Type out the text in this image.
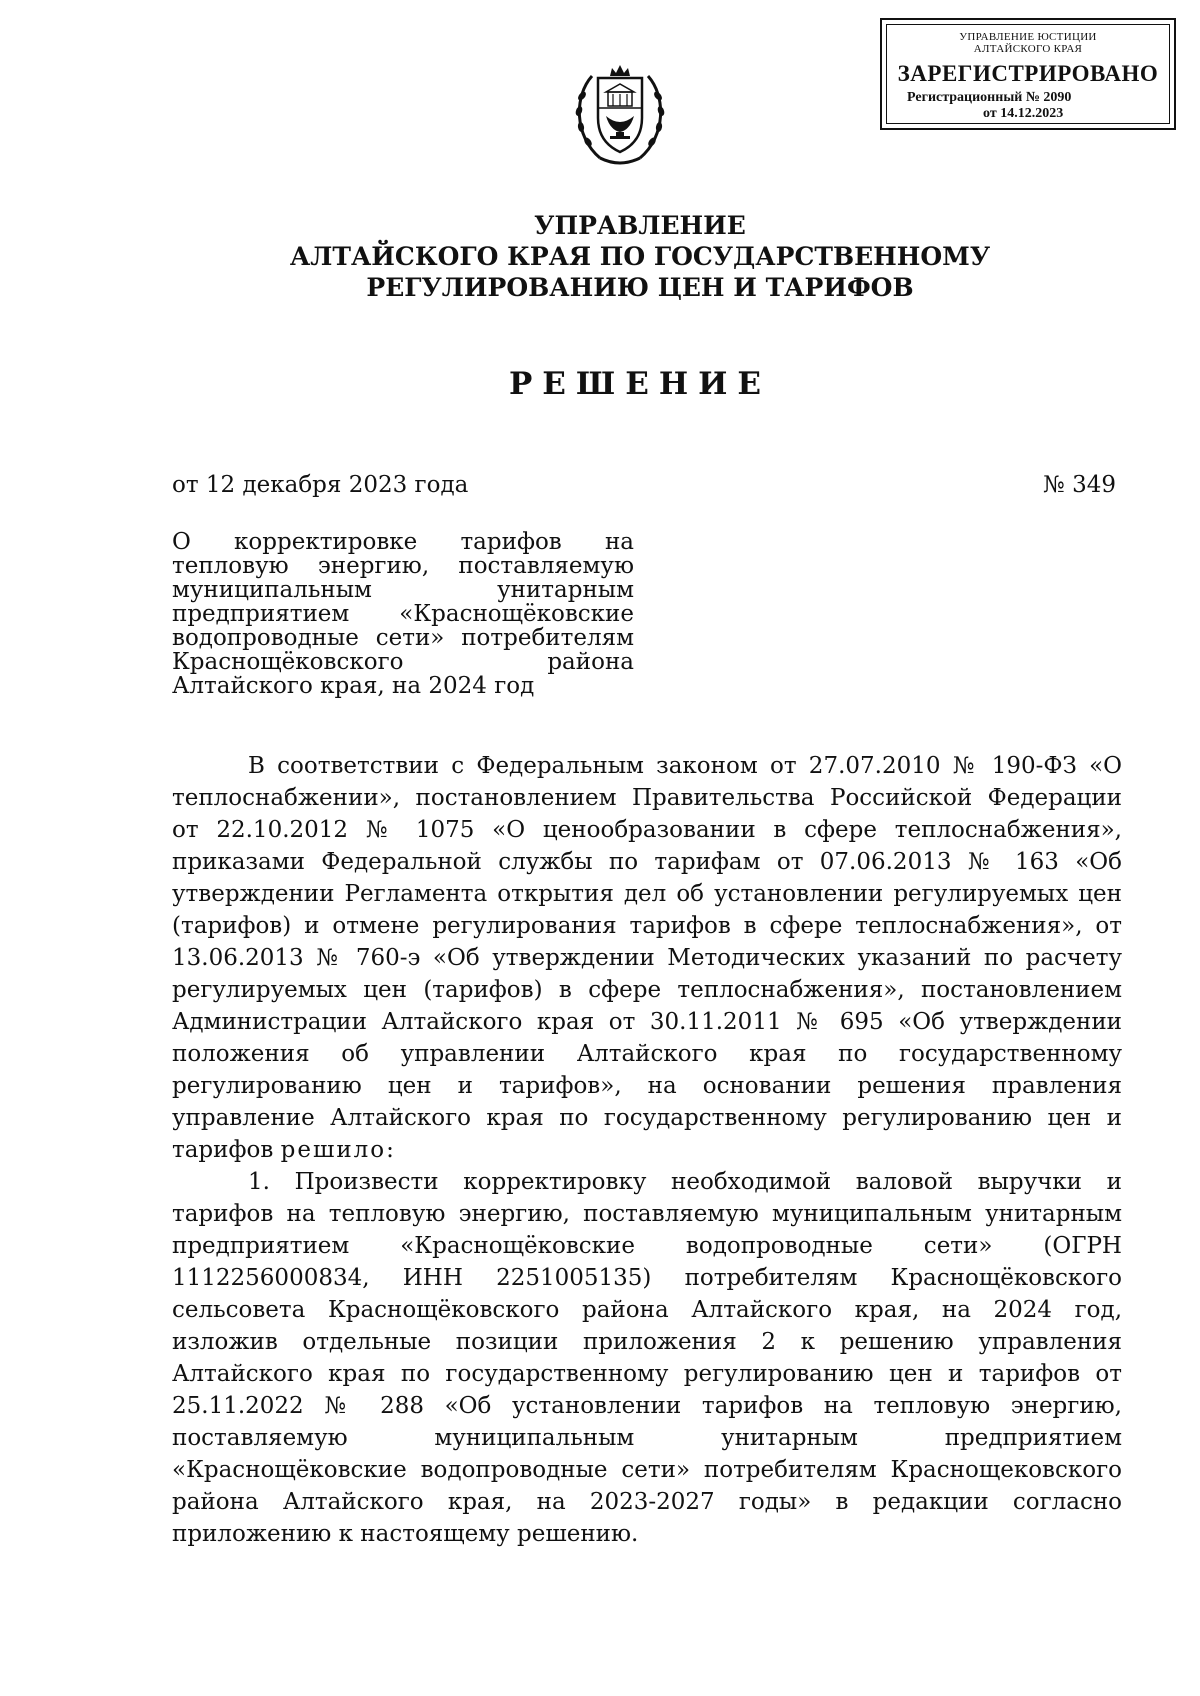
УПРАВЛЕНИЕ ЮСТИЦИИ
АЛТАЙСКОГО КРАЯ
ЗАРЕГИСТРИРОВАНО
Регистрационный № 2090
от 14.12.2023
УПРАВЛЕНИЕ
АЛТАЙСКОГО КРАЯ ПО ГОСУДАРСТВЕННОМУ
РЕГУЛИРОВАНИЮ ЦЕН И ТАРИФОВ
РЕШЕНИЕ
от 12 декабря 2023 года	№ 349
О корректировке тарифов на тепловую энергию, поставляемую муниципальным унитарным предприятием «Краснощёковские водопроводные сети» потребителям Краснощёковского района
Алтайского края, на 2024 год

В соответствии с Федеральным законом от 27.07.2010 № 190-ФЗ «О теплоснабжении», постановлением Правительства Российской Федерации от 22.10.2012 № 1075 «О ценообразовании в сфере теплоснабжения», приказами Федеральной службы по тарифам от 07.06.2013 № 163 «Об утверждении Регламента открытия дел об установлении регулируемых цен (тарифов) и отмене регулирования тарифов в сфере теплоснабжения», от 13.06.2013 № 760-э «Об утверждении Методических указаний по расчету регулируемых цен (тарифов) в сфере теплоснабжения», постановлением Администрации Алтайского края от 30.11.2011 № 695 «Об утверждении положения об управлении Алтайского края по государственному регулированию цен и тарифов», на основании решения правления управление Алтайского края по государственному регулированию цен и тарифов решило:

1. Произвести корректировку необходимой валовой выручки и тарифов на тепловую энергию, поставляемую муниципальным унитарным предприятием «Краснощёковские водопроводные сети» (ОГРН 1112256000834, ИНН 2251005135) потребителям Краснощёковского сельсовета Краснощёковского района Алтайского края, на 2024 год, изложив отдельные позиции приложения 2 к решению управления Алтайского края по государственному регулированию цен и тарифов от 25.11.2022 № 288 «Об установлении тарифов на тепловую энергию, поставляемую муниципальным унитарным предприятием «Краснощёковские водопроводные сети» потребителям Краснощековского района Алтайского края, на 2023-2027 годы» в редакции согласно приложению к настоящему решению.
